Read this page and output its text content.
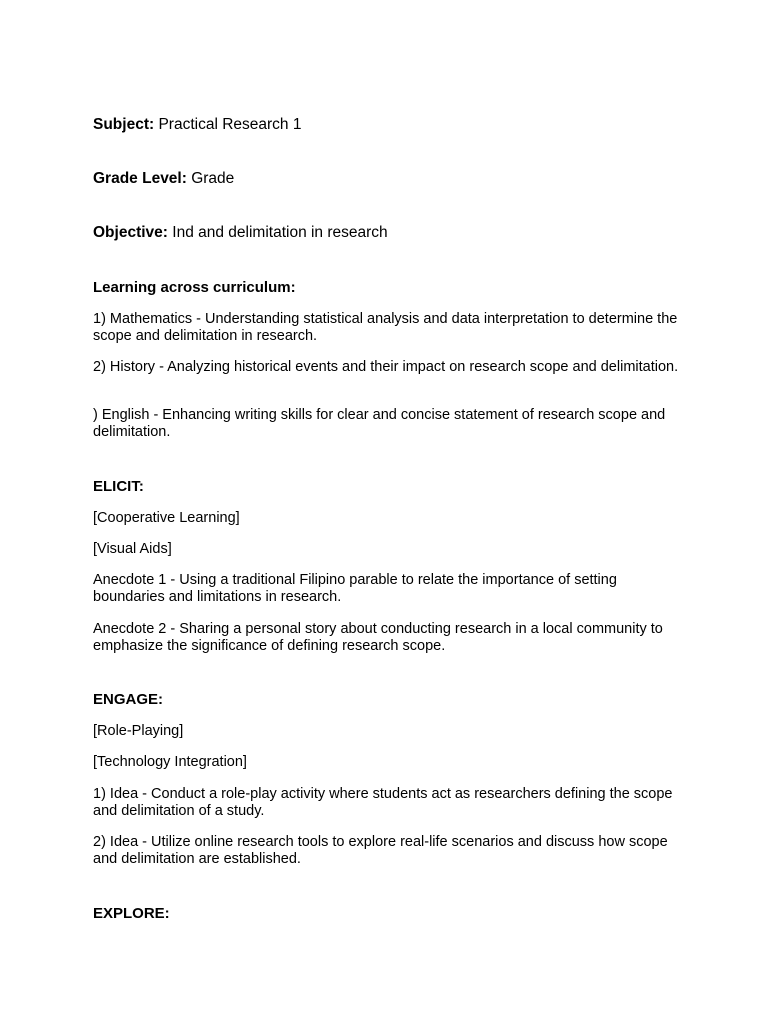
Subject: Practical Research 1
Grade Level: Grade
Objective: Ind and delimitation in research
Learning across curriculum:
1) Mathematics - Understanding statistical analysis and data interpretation to determine the scope and delimitation in research.
2) History - Analyzing historical events and their impact on research scope and delimitation.
) English - Enhancing writing skills for clear and concise statement of research scope and delimitation.
ELICIT:
[Cooperative Learning]
[Visual Aids]
Anecdote 1 - Using a traditional Filipino parable to relate the importance of setting boundaries and limitations in research.
Anecdote 2 - Sharing a personal story about conducting research in a local community to emphasize the significance of defining research scope.
ENGAGE:
[Role-Playing]
[Technology Integration]
1) Idea - Conduct a role-play activity where students act as researchers defining the scope and delimitation of a study.
2) Idea - Utilize online research tools to explore real-life scenarios and discuss how scope and delimitation are established.
EXPLORE:
